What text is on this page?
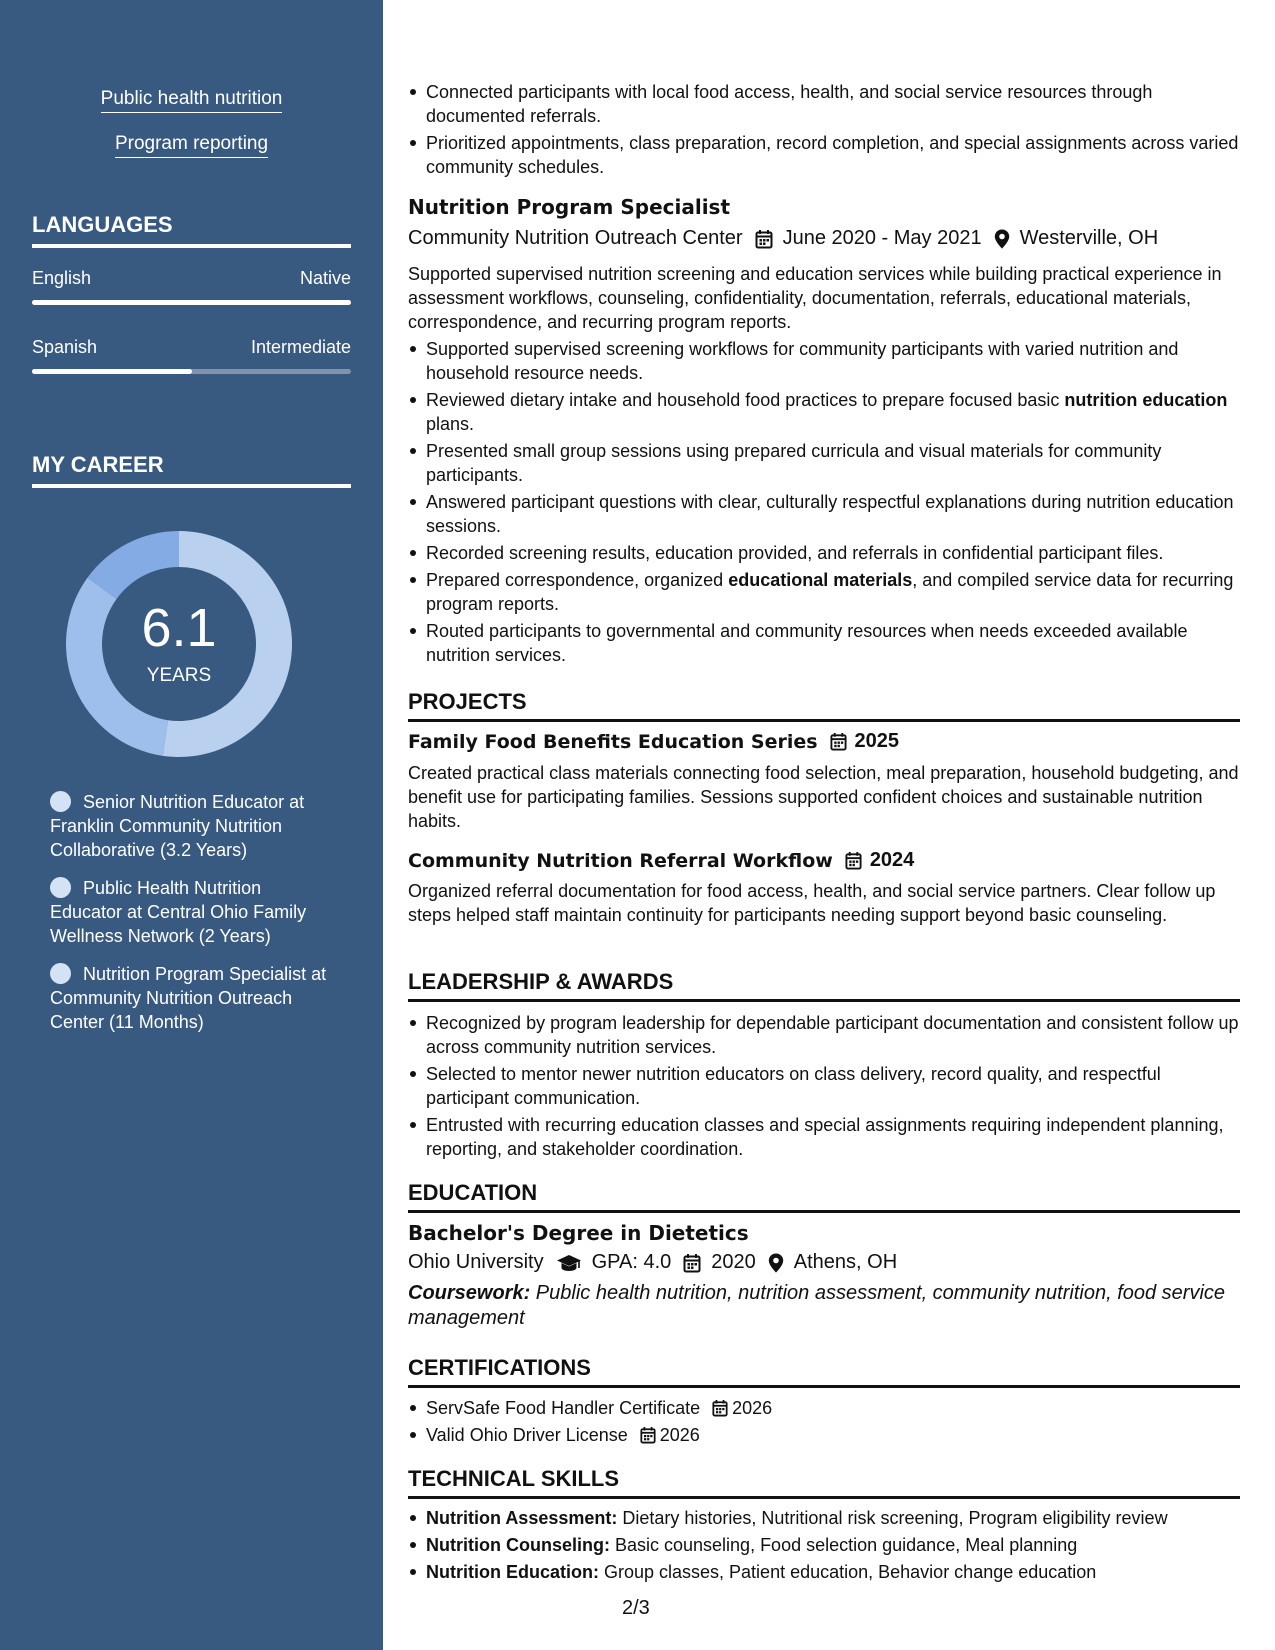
Public health nutrition
Program reporting
LANGUAGES
English	Native
Spanish	Intermediate
MY CAREER
6.1
YEARS
Senior Nutrition Educator at Franklin Community Nutrition Collaborative (3.2 Years)
Public Health Nutrition Educator at Central Ohio Family Wellness Network (2 Years)
Nutrition Program Specialist at Community Nutrition Outreach Center (11 Months)
Connected participants with local food access, health, and social service resources through documented referrals.
Prioritized appointments, class preparation, record completion, and special assignments across varied community schedules.
Nutrition Program Specialist
Community Nutrition Outreach Center June 2020 - May 2021 Westerville, OH
Supported supervised nutrition screening and education services while building practical experience in assessment workflows, counseling, confidentiality, documentation, referrals, educational materials, correspondence, and recurring program reports.
Supported supervised screening workflows for community participants with varied nutrition and household resource needs.
Reviewed dietary intake and household food practices to prepare focused basic nutrition education plans.
Presented small group sessions using prepared curricula and visual materials for community participants.
Answered participant questions with clear, culturally respectful explanations during nutrition education sessions.
Recorded screening results, education provided, and referrals in confidential participant files.
Prepared correspondence, organized educational materials, and compiled service data for recurring program reports.
Routed participants to governmental and community resources when needs exceeded available nutrition services.
PROJECTS
Family Food Benefits Education Series 2025
Created practical class materials connecting food selection, meal preparation, household budgeting, and benefit use for participating families. Sessions supported confident choices and sustainable nutrition habits.
Community Nutrition Referral Workflow 2024
Organized referral documentation for food access, health, and social service partners. Clear follow up steps helped staff maintain continuity for participants needing support beyond basic counseling.
LEADERSHIP & AWARDS
Recognized by program leadership for dependable participant documentation and consistent follow up across community nutrition services.
Selected to mentor newer nutrition educators on class delivery, record quality, and respectful participant communication.
Entrusted with recurring education classes and special assignments requiring independent planning, reporting, and stakeholder coordination.
EDUCATION
Bachelor's Degree in Dietetics
Ohio University GPA: 4.0 2020 Athens, OH
Coursework: Public health nutrition, nutrition assessment, community nutrition, food service management
CERTIFICATIONS
ServSafe Food Handler Certificate 2026
Valid Ohio Driver License 2026
TECHNICAL SKILLS
Nutrition Assessment: Dietary histories, Nutritional risk screening, Program eligibility review
Nutrition Counseling: Basic counseling, Food selection guidance, Meal planning
Nutrition Education: Group classes, Patient education, Behavior change education
2/3
